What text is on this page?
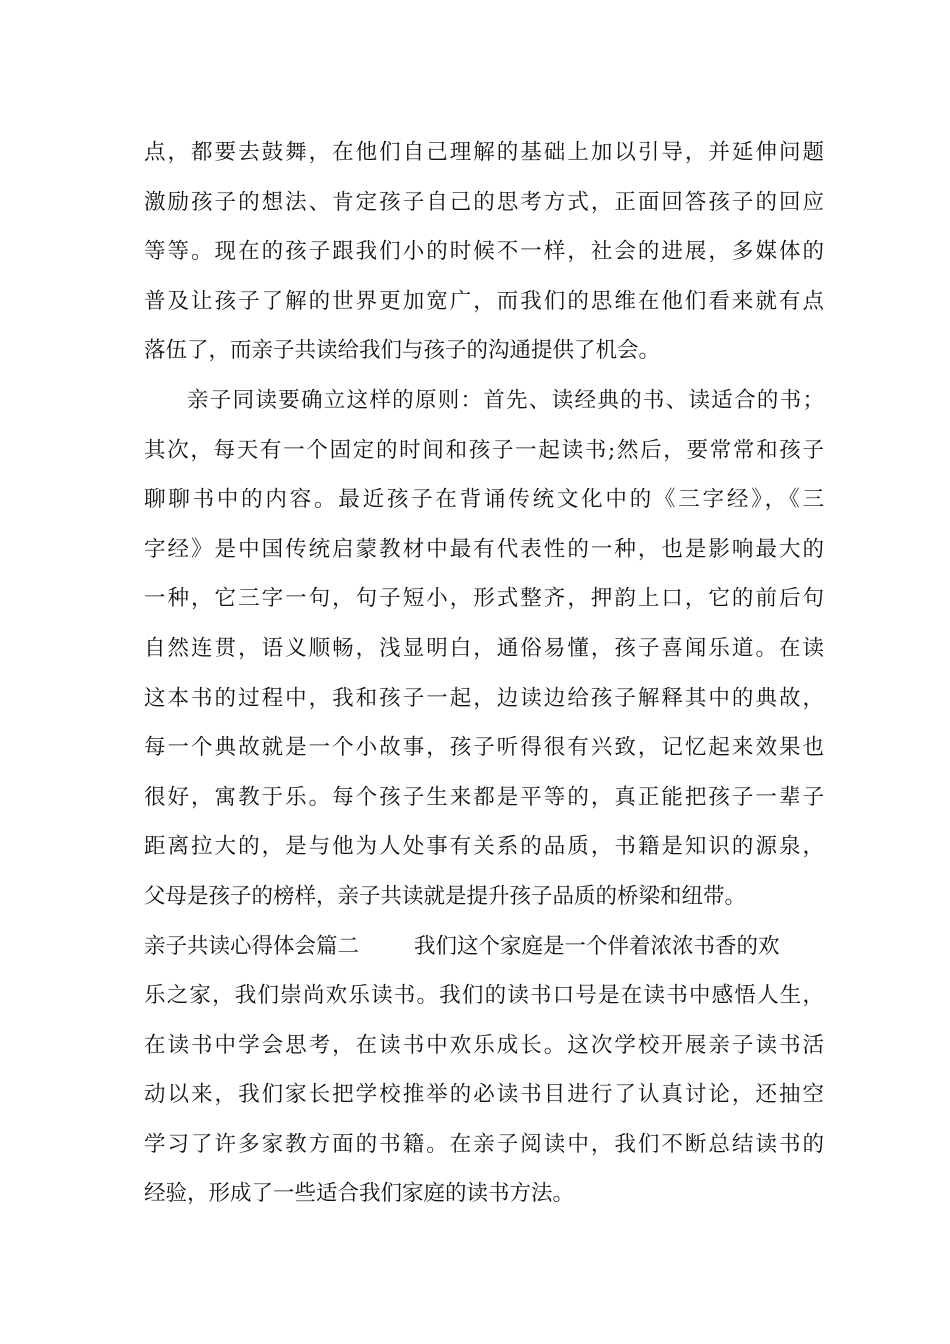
点，都要去鼓舞，在他们自己理解的基础上加以引导，并延伸问题
激励孩子的想法、肯定孩子自己的思考方式，正面回答孩子的回应
等等。现在的孩子跟我们小的时候不一样，社会的进展，多媒体的
普及让孩子了解的世界更加宽广，而我们的思维在他们看来就有点
落伍了，而亲子共读给我们与孩子的沟通提供了机会。
亲子同读要确立这样的原则：首先、读经典的书、读适合的书；
其次，每天有一个固定的时间和孩子一起读书;然后，要常常和孩子
聊聊书中的内容。最近孩子在背诵传统文化中的《三字经》，《三
字经》是中国传统启蒙教材中最有代表性的一种，也是影响最大的
一种，它三字一句，句子短小，形式整齐，押韵上口，它的前后句
自然连贯，语义顺畅，浅显明白，通俗易懂，孩子喜闻乐道。在读
这本书的过程中，我和孩子一起，边读边给孩子解释其中的典故，
每一个典故就是一个小故事，孩子听得很有兴致，记忆起来效果也
很好，寓教于乐。每个孩子生来都是平等的，真正能把孩子一辈子
距离拉大的，是与他为人处事有关系的品质，书籍是知识的源泉，
父母是孩子的榜样，亲子共读就是提升孩子品质的桥梁和纽带。
亲子共读心得体会篇二	我们这个家庭是一个伴着浓浓书香的欢
乐之家，我们崇尚欢乐读书。我们的读书口号是在读书中感悟人生，
在读书中学会思考，在读书中欢乐成长。这次学校开展亲子读书活
动以来，我们家长把学校推举的必读书目进行了认真讨论，还抽空
学习了许多家教方面的书籍。在亲子阅读中，我们不断总结读书的
经验，形成了一些适合我们家庭的读书方法。
